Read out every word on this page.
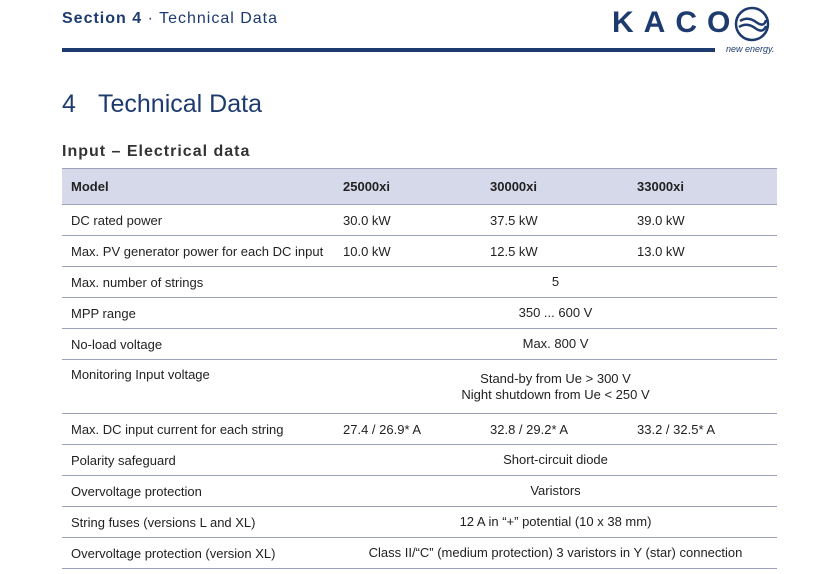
Section 4 · Technical Data	KACO
new energy.
4 Technical Data
Input – Electrical data
Model	25000xi	30000xi	33000xi
DC rated power	30.0 kW	37.5 kW	39.0 kW
Max. PV generator power for each DC input	10.0 kW	12.5 kW	13.0 kW
Max. number of strings	5		

MPP range	350 ... 600 V		

No-load voltage	Max. 800 V		

Monitoring Input voltage	Stand-by from Ue > 300 V
Night shutdown from Ue < 250 V		

Max. DC input current for each string	27.4 / 26.9* A	32.8 / 29.2* A	33.2 / 32.5* A
Polarity safeguard	Short-circuit diode		

Overvoltage protection	Varistors		

String fuses (versions L and XL)	12 A in “+” potential (10 x 38 mm)		

Overvoltage protection (version XL)	Class II/“C” (medium protection) 3 varistors in Y (star) connection		
